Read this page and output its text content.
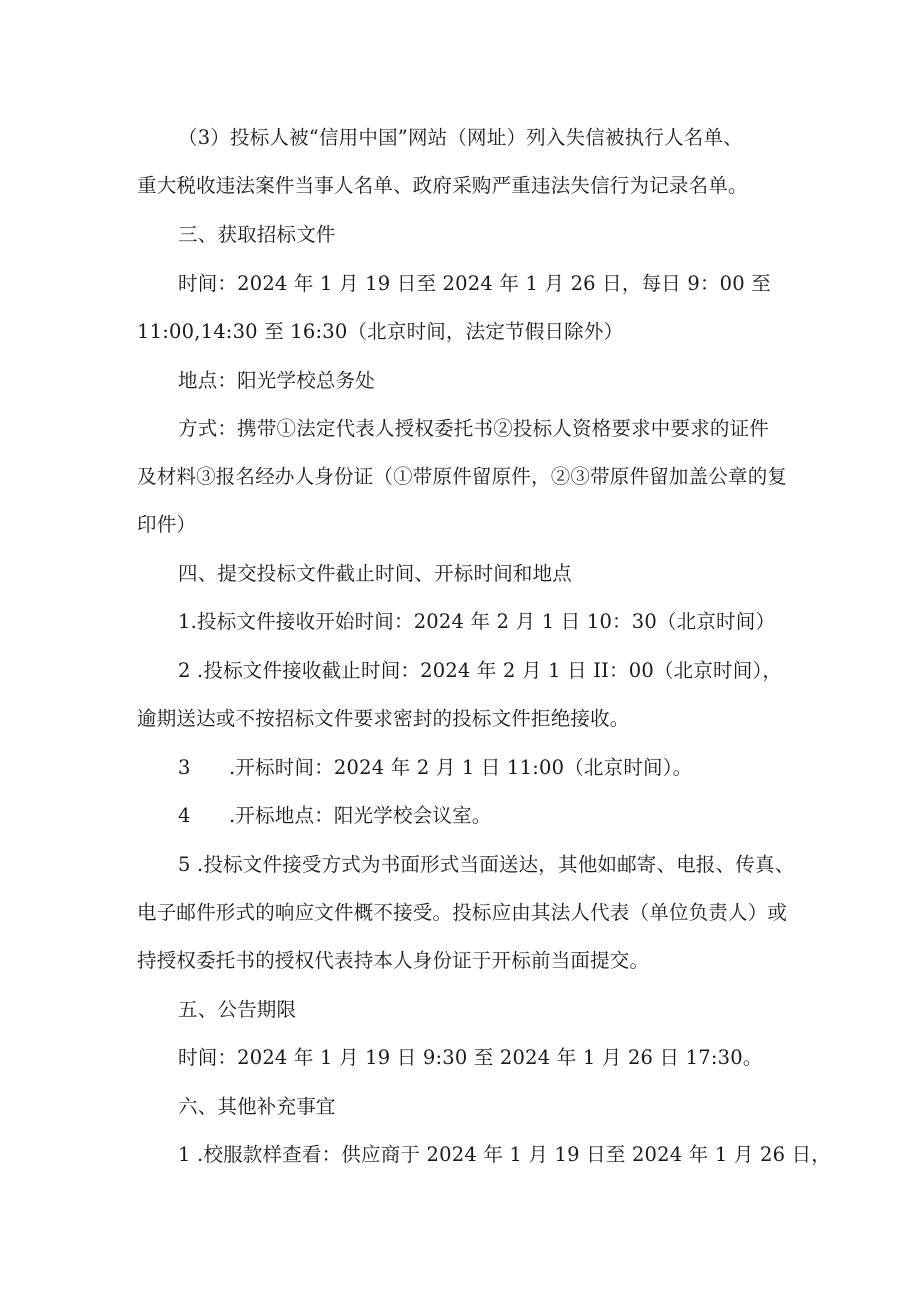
（3）投标人被“信用中国”网站（网址）列入失信被执行人名单、
重大税收违法案件当事人名单、政府采购严重违法失信行为记录名单。
三、获取招标文件
时间：2024 年 1 月 19 日至 2024 年 1 月 26 日，每日 9：00 至
11:00,14:30 至 16:30（北京时间，法定节假日除外）
地点：阳光学校总务处
方式：携带①法定代表人授权委托书②投标人资格要求中要求的证件
及材料③报名经办人身份证（①带原件留原件，②③带原件留加盖公章的复
印件）
四、提交投标文件截止时间、开标时间和地点
1.投标文件接收开始时间：2024 年 2 月 1 日 10：30（北京时间）
2 .投标文件接收截止时间：2024 年 2 月 1 日 II：00（北京时间），
逾期送达或不按招标文件要求密封的投标文件拒绝接收。
3      .开标时间：2024 年 2 月 1 日 11:00（北京时间）。
4      .开标地点：阳光学校会议室。
5 .投标文件接受方式为书面形式当面送达，其他如邮寄、电报、传真、
电子邮件形式的响应文件概不接受。投标应由其法人代表（单位负责人）或
持授权委托书的授权代表持本人身份证于开标前当面提交。
五、公告期限
时间：2024 年 1 月 19 日 9:30 至 2024 年 1 月 26 日 17:30。
六、其他补充事宜
1 .校服款样查看：供应商于 2024 年 1 月 19 日至 2024 年 1 月 26 日，
